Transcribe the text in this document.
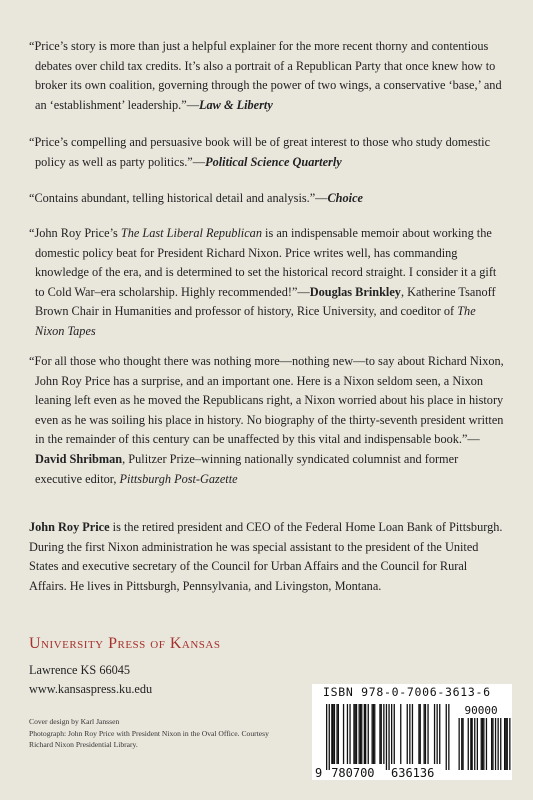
“Price’s story is more than just a helpful explainer for the more recent thorny and contentious debates over child tax credits. It’s also a portrait of a Republican Party that once knew how to broker its own coalition, governing through the power of two wings, a conservative ‘base,’ and an ‘establishment’ leadership.”—Law & Liberty

“Price’s compelling and persuasive book will be of great interest to those who study domestic policy as well as party politics.”—Political Science Quarterly

“Contains abundant, telling historical detail and analysis.”—Choice

“John Roy Price’s The Last Liberal Republican is an indispensable memoir about working the domestic policy beat for President Richard Nixon. Price writes well, has commanding knowledge of the era, and is determined to set the historical record straight. I consider it a gift to Cold War–era scholarship. Highly recommended!”—Douglas Brinkley, Katherine Tsanoff Brown Chair in Humanities and professor of history, Rice University, and coeditor of The Nixon Tapes

“For all those who thought there was nothing more—nothing new—to say about Richard Nixon, John Roy Price has a surprise, and an important one. Here is a Nixon seldom seen, a Nixon leaning left even as he moved the Republicans right, a Nixon worried about his place in history even as he was soiling his place in history. No biography of the thirty-seventh president written in the remainder of this century can be unaffected by this vital and indispensable book.”—David Shribman, Pulitzer Prize–winning nationally syndicated columnist and former executive editor, Pittsburgh Post-Gazette

John Roy Price is the retired president and CEO of the Federal Home Loan Bank of Pittsburgh. During the first Nixon administration he was special assistant to the president of the United States and executive secretary of the Council for Urban Affairs and the Council for Rural Affairs. He lives in Pittsburgh, Pennsylvania, and Livingston, Montana.

University Press of Kansas
Lawrence KS 66045
www.kansaspress.ku.edu
Cover design by Karl Janssen
Photograph: John Roy Price with President Nixon in the Oval Office. Courtesy Richard Nixon Presidential Library.
9 780700 636136
90000
ISBN 978-0-7006-3613-6
